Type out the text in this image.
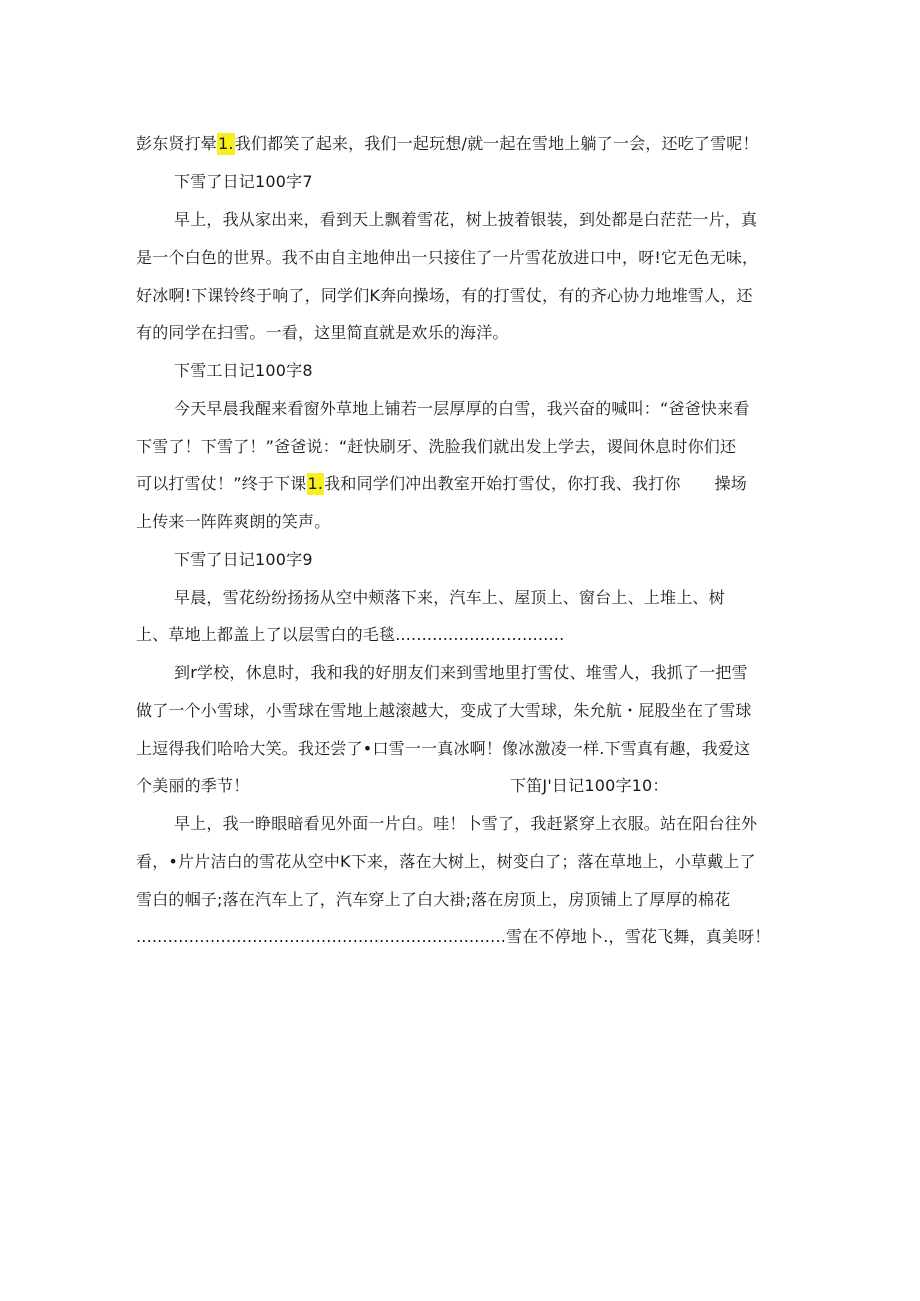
彭东贤打晕1.我们都笑了起来，我们一起玩想/就一起在雪地上躺了一会，还吃了雪呢！
下雪了日记100字7
早上，我从家出来，看到天上飘着雪花，树上披着银装，到处都是白茫茫一片，真
是一个白色的世界。我不由自主地伸出一只接住了一片雪花放进口中，呀!它无色无味，
好冰啊!下课铃终于响了，同学们K奔向操场，有的打雪仗，有的齐心协力地堆雪人，还
有的同学在扫雪。一看，这里简直就是欢乐的海洋。
下雪工日记100字8
今天早晨我醒来看窗外草地上铺若一层厚厚的白雪，我兴奋的喊叫：“爸爸快来看
下雪了！下雪了！”爸爸说：“赶快刷牙、洗脸我们就出发上学去，谡间休息时你们还
可以打雪仗！”终于下课1.我和同学们冲出教室开始打雪仗，你打我、我打你 操场
上传来一阵阵爽朗的笑声。
下雪了日记100字9
早晨，雪花纷纷扬扬从空中颊落下来，汽车上、屋顶上、窗台上、上堆上、树
上、草地上都盖上了以层雪白的毛毯................................
到r学校，休息时，我和我的好朋友们来到雪地里打雪仗、堆雪人，我抓了一把雪
做了一个小雪球，小雪球在雪地上越滚越大，变成了大雪球，朱允航・屁股坐在了雪球
上逗得我们哈哈大笑。我还尝了•口雪一一真冰啊！像冰激凌一样.下雪真有趣，我爱这
个美丽的季节！	下笛J'日记100字10：
早上，我一睁眼暗看见外面一片白。哇！卜雪了，我赶紧穿上衣服。站在阳台往外
看，•片片洁白的雪花从空中K下来，落在大树上，树变白了；落在草地上，小草戴上了
雪白的帼子;落在汽车上了，汽车穿上了白大褂;落在房顶上，房顶铺上了厚厚的棉花
......................................................................雪在不停地卜.，雪花飞舞，真美呀！
